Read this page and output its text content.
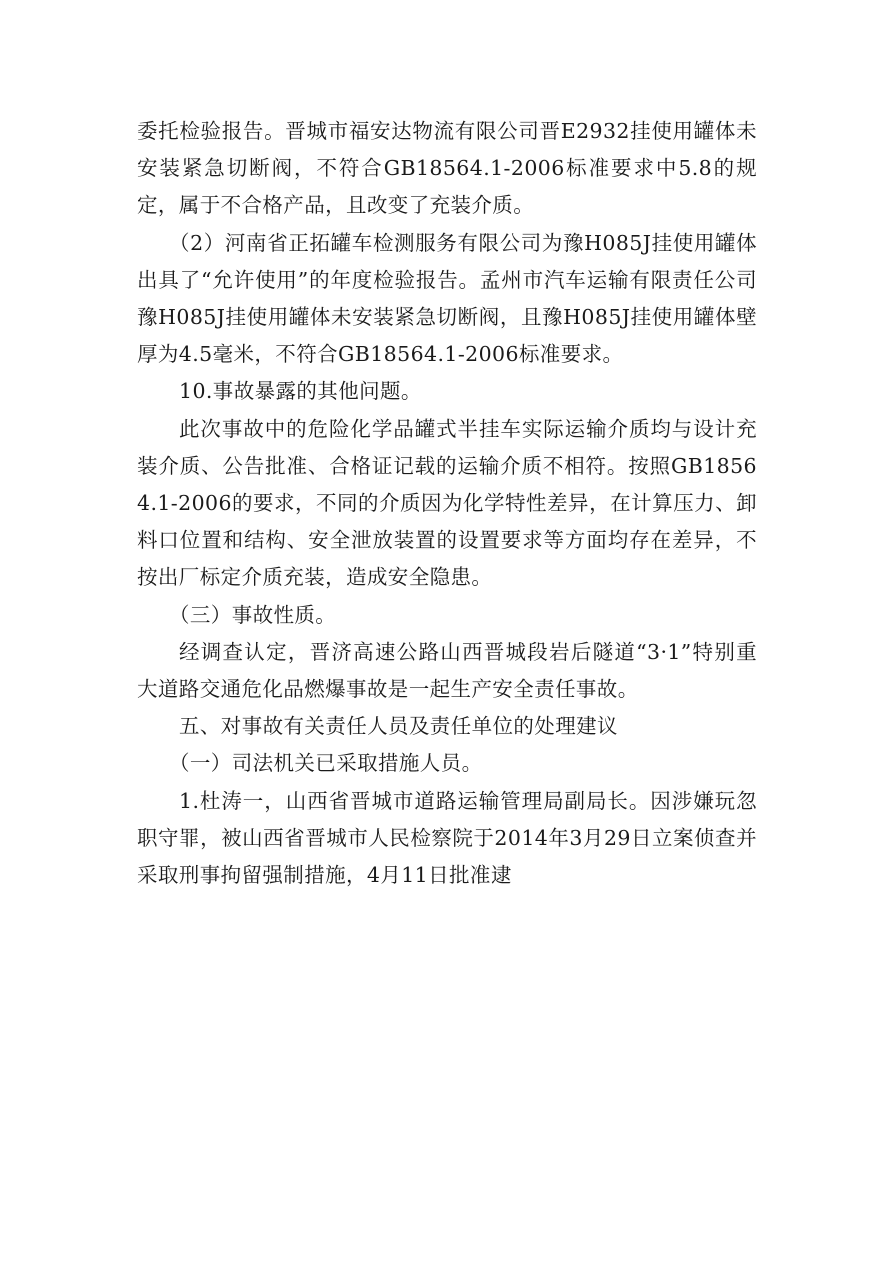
委托检验报告。晋城市福安达物流有限公司晋E2932挂使用罐体未安装紧急切断阀，不符合GB18564.1-2006标准要求中5.8的规定，属于不合格产品，且改变了充装介质。

（2）河南省正拓罐车检测服务有限公司为豫H085J挂使用罐体出具了“允许使用”的年度检验报告。孟州市汽车运输有限责任公司豫H085J挂使用罐体未安装紧急切断阀，且豫H085J挂使用罐体壁厚为4.5毫米，不符合GB18564.1-2006标准要求。

10.事故暴露的其他问题。

此次事故中的危险化学品罐式半挂车实际运输介质均与设计充装介质、公告批准、合格证记载的运输介质不相符。按照GB18564.1-2006的要求，不同的介质因为化学特性差异，在计算压力、卸料口位置和结构、安全泄放装置的设置要求等方面均存在差异，不按出厂标定介质充装，造成安全隐患。

（三）事故性质。

经调查认定，晋济高速公路山西晋城段岩后隧道“3·1”特别重大道路交通危化品燃爆事故是一起生产安全责任事故。

五、对事故有关责任人员及责任单位的处理建议

（一）司法机关已采取措施人员。

1.杜涛一，山西省晋城市道路运输管理局副局长。因涉嫌玩忽职守罪，被山西省晋城市人民检察院于2014年3月29日立案侦查并采取刑事拘留强制措施，4月11日批准逮
